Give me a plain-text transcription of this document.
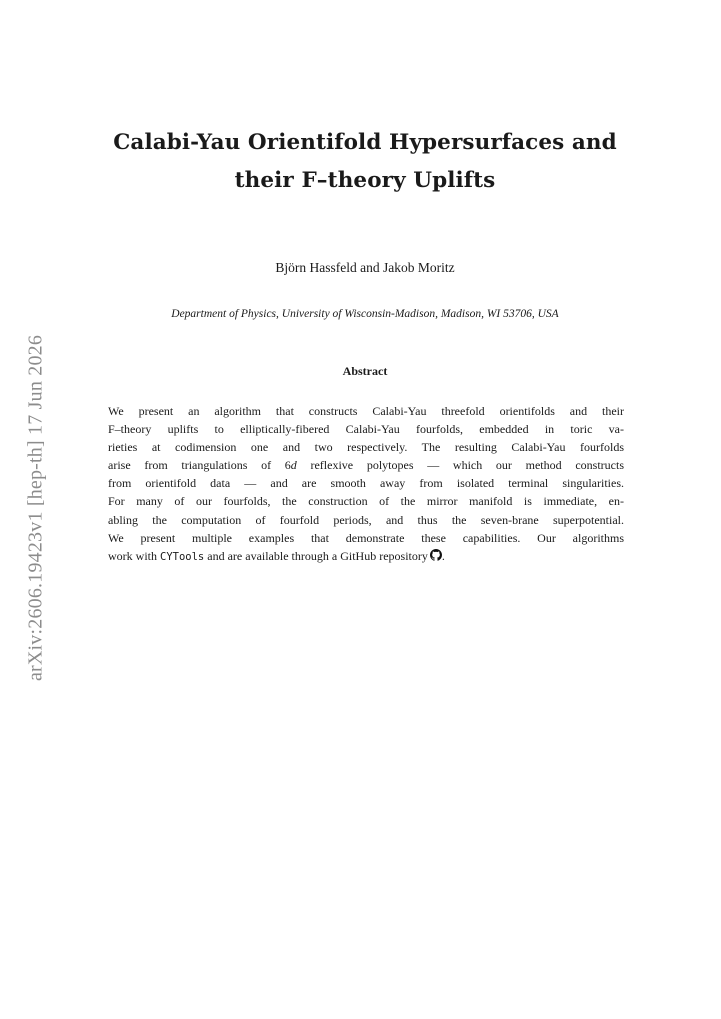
arXiv:2606.19423v1 [hep-th] 17 Jun 2026
Calabi-Yau Orientifold Hypersurfaces and
their F–theory Uplifts
Björn Hassfeld and Jakob Moritz
Department of Physics, University of Wisconsin-Madison, Madison, WI 53706, USA
Abstract
We present an algorithm that constructs Calabi-Yau threefold orientifolds and their
F–theory uplifts to elliptically-fibered Calabi-Yau fourfolds, embedded in toric va-
rieties at codimension one and two respectively. The resulting Calabi-Yau fourfolds
arise from triangulations of 6d reflexive polytopes — which our method constructs
from orientifold data — and are smooth away from isolated terminal singularities.
For many of our fourfolds, the construction of the mirror manifold is immediate, en-
abling the computation of fourfold periods, and thus the seven-brane superpotential.
We present multiple examples that demonstrate these capabilities. Our algorithms
work with CYTools and are available through a GitHub repository .
